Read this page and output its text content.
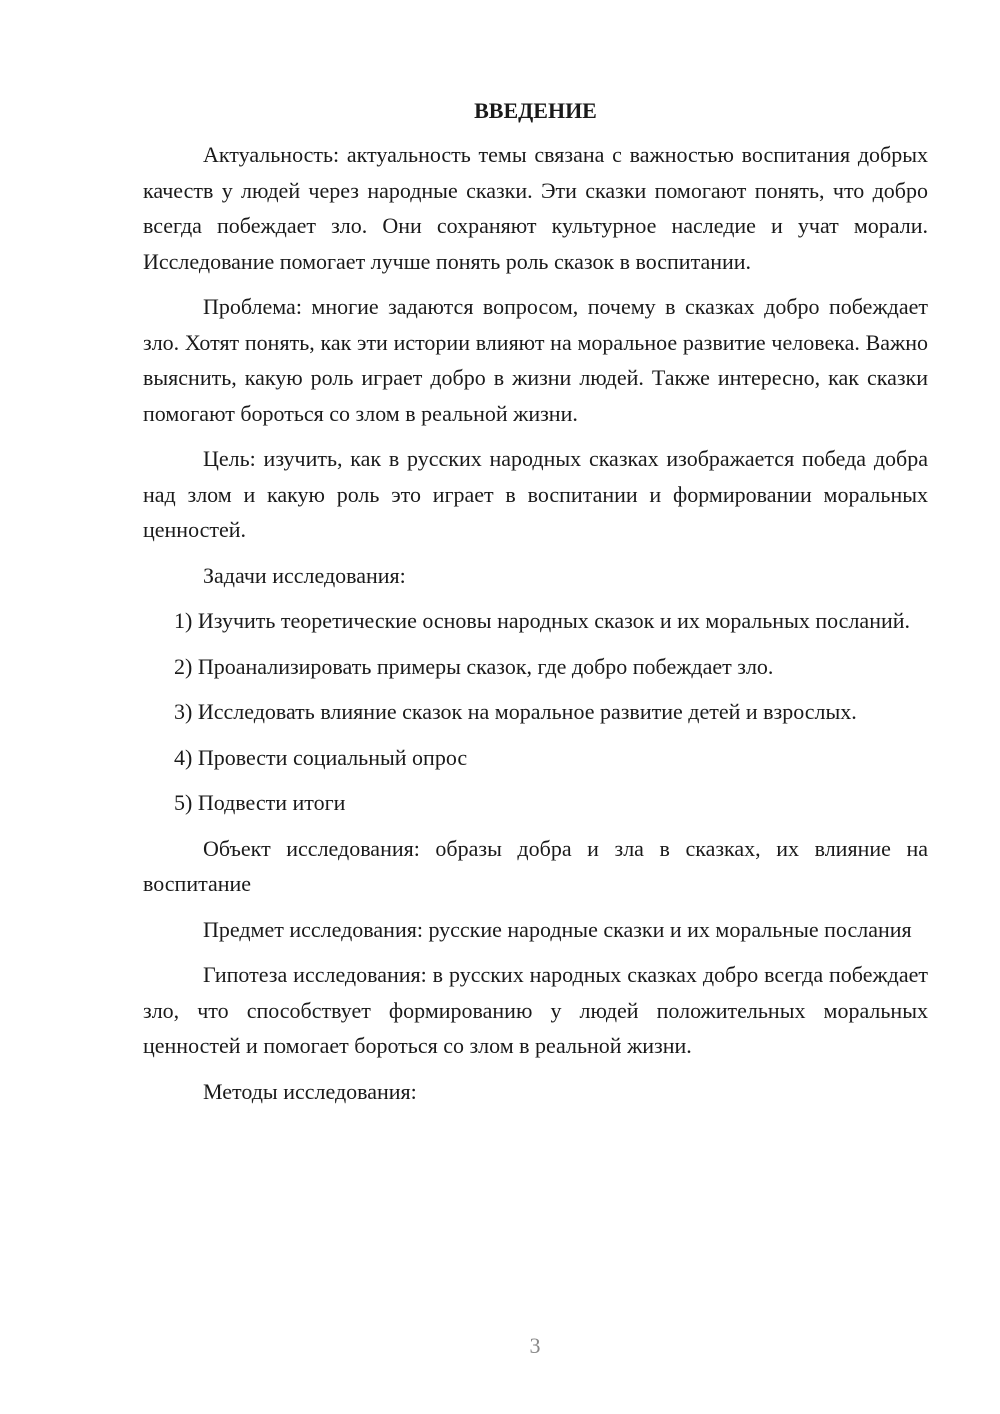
ВВЕДЕНИЕ

Актуальность: актуальность темы связана с важностью воспитания добрых качеств у людей через народные сказки. Эти сказки помогают понять, что добро всегда побеждает зло. Они сохраняют культурное наследие и учат морали. Исследование помогает лучше понять роль сказок в воспитании.

Проблема: многие задаются вопросом, почему в сказках добро побеждает зло. Хотят понять, как эти истории влияют на моральное развитие человека. Важно выяснить, какую роль играет добро в жизни людей. Также интересно, как сказки помогают бороться со злом в реальной жизни.

Цель: изучить, как в русских народных сказках изображается победа добра над злом и какую роль это играет в воспитании и формировании моральных ценностей.

Задачи исследования:

1) Изучить теоретические основы народных сказок и их моральных посланий.

2) Проанализировать примеры сказок, где добро побеждает зло.

3) Исследовать влияние сказок на моральное развитие детей и взрослых.

4) Провести социальный опрос

5) Подвести итоги

Объект исследования: образы добра и зла в сказках, их влияние на воспитание

Предмет исследования: русские народные сказки и их моральные послания

Гипотеза исследования: в русских народных сказках добро всегда побеждает зло, что способствует формированию у людей положительных моральных ценностей и помогает бороться со злом в реальной жизни.

Методы исследования:

3
